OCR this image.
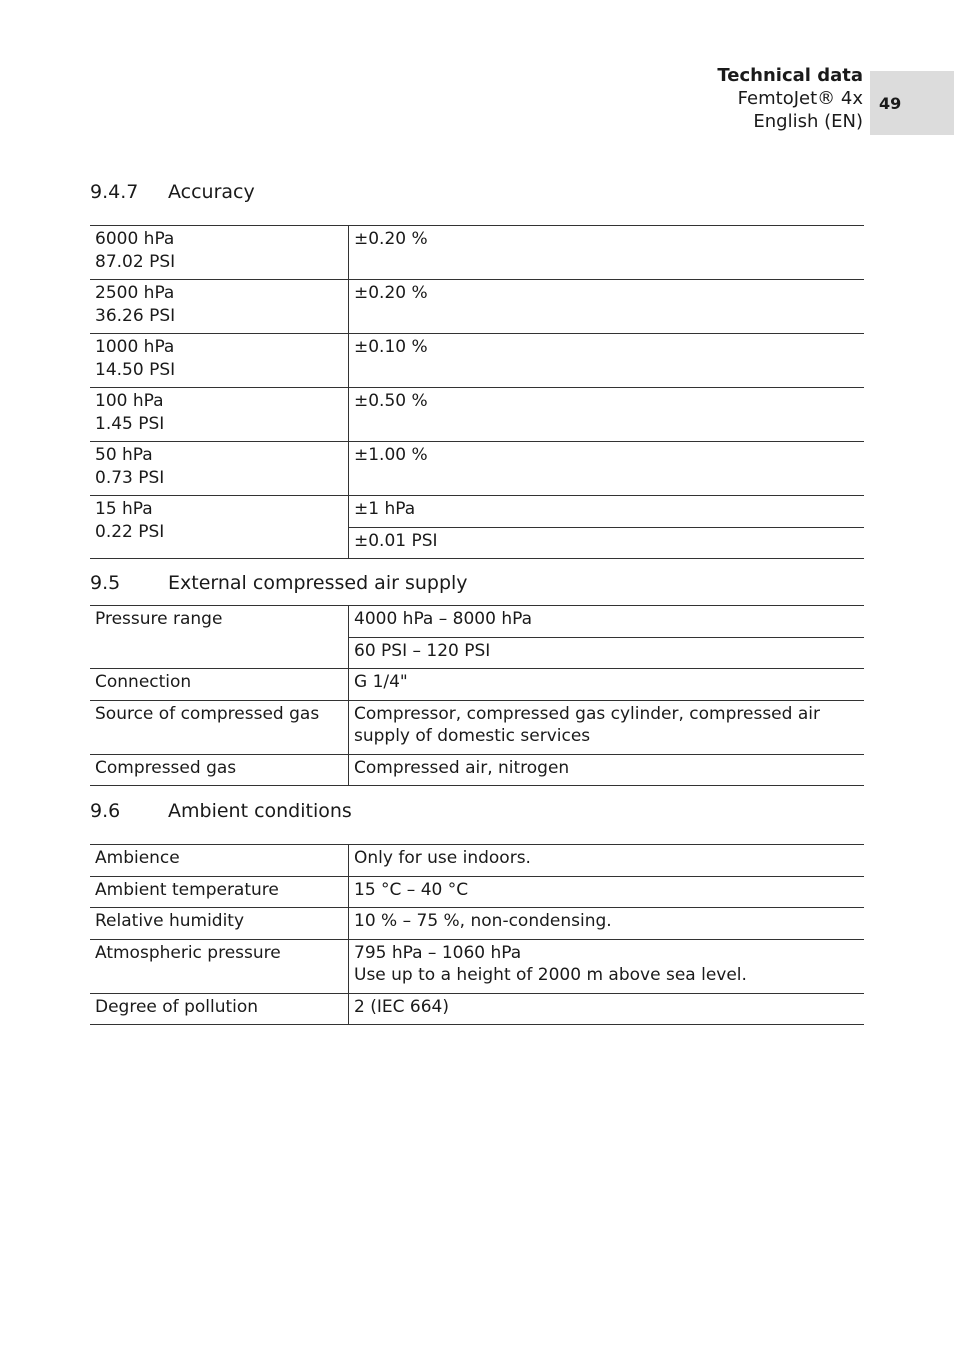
Technical data
FemtoJet® 4x
English (EN)
49
9.4.7 Accuracy
6000 hPa
87.02 PSI	±0.20 %
2500 hPa
36.26 PSI	±0.20 %
1000 hPa
14.50 PSI	±0.10 %
100 hPa
1.45 PSI	±0.50 %
50 hPa
0.73 PSI	±1.00 %
15 hPa
0.22 PSI	±1 hPa
	±0.01 PSI
9.5	External compressed air supply
Pressure range	4000 hPa – 8000 hPa
	60 PSI – 120 PSI
Connection	G 1/4"
Source of compressed gas	Compressor, compressed gas cylinder, compressed air
supply of domestic services
Compressed gas	Compressed air, nitrogen
9.6	Ambient conditions
Ambience	Only for use indoors.
Ambient temperature	15 °C – 40 °C
Relative humidity	10 % – 75 %, non-condensing.
Atmospheric pressure	795 hPa – 1060 hPa
Use up to a height of 2000 m above sea level.
Degree of pollution	2 (IEC 664)
